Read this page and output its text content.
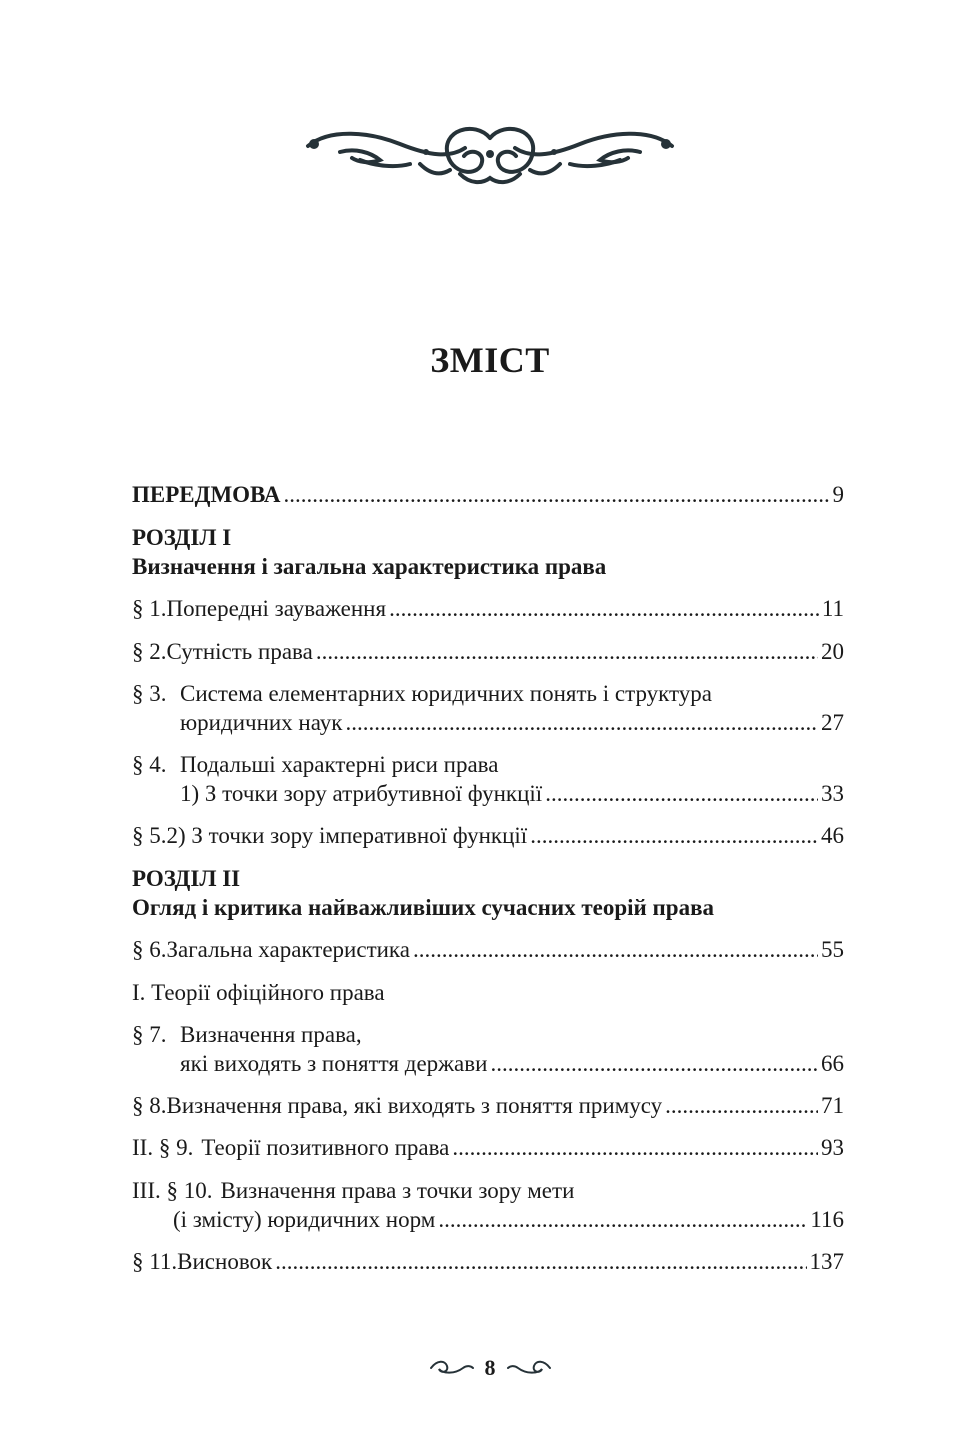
ЗМІСТ
ПЕРЕДМОВА .....	9
РОЗДІЛ І
Визначення і загальна характеристика права
§ 1. Попередні зауваження .....	11
§ 2. Сутність права .....	20
§ 3. Система елементарних юридичних понять і структура
юридичних наук .....	27
§ 4. Подальші характерні риси права
1) З точки зору атрибутивної функції .....	33
§ 5. 2) З точки зору імперативної функції .....	46
РОЗДІЛ ІІ
Огляд і критика найважливіших сучасних теорій права
§ 6. Загальна характеристика .....	55
І. Теорії офіційного права
§ 7. Визначення права,
які виходять з поняття держави .....	66
§ 8. Визначення права, які виходять з поняття примусу .....	71
ІІ. § 9. Теорії позитивного права .....	93
ІІІ. § 10. Визначення права з точки зору мети
(і змісту) юридичних норм .....	116
§ 11. Висновок .....	137
8
